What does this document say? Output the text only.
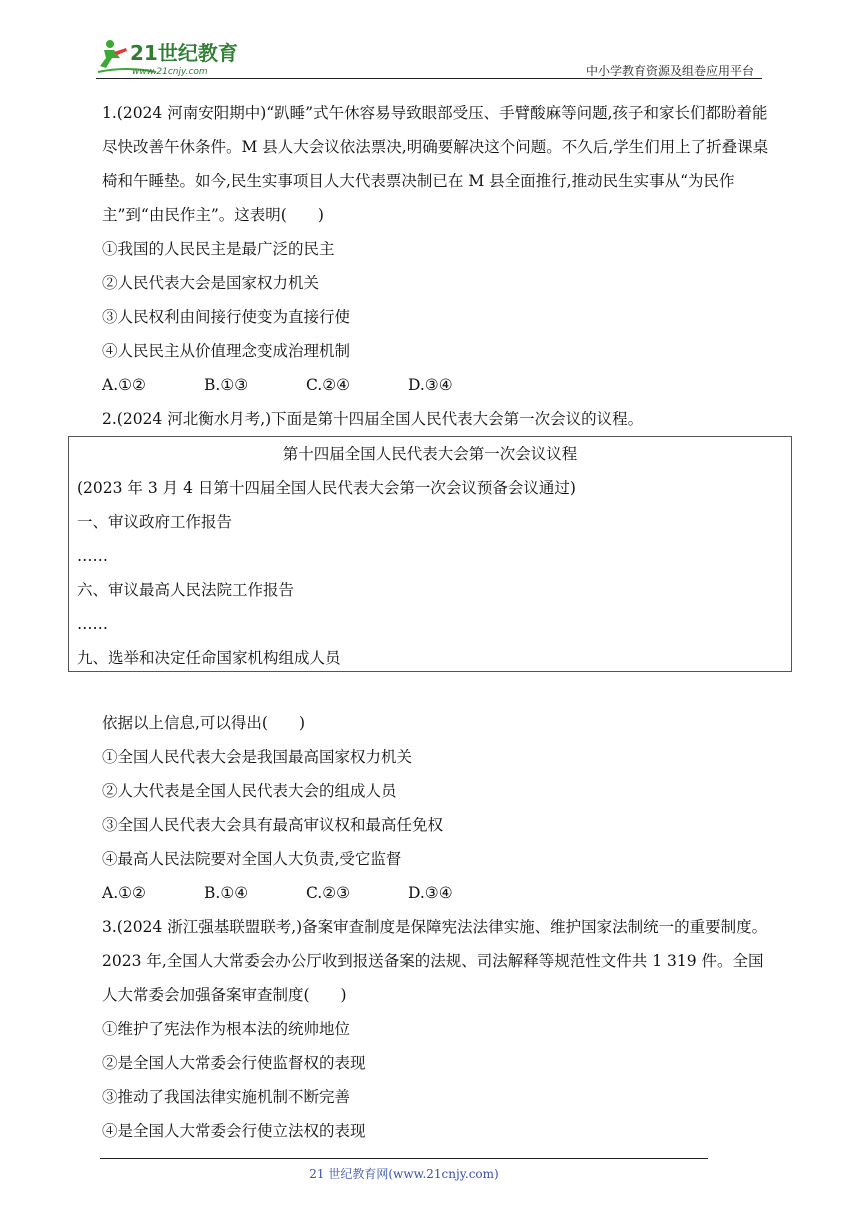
21世纪教育
www.21cnjy.com	中小学教育资源及组卷应用平台

1.(2024 河南安阳期中)“趴睡”式午休容易导致眼部受压、手臂酸麻等问题,孩子和家长们都盼着能尽快改善午休条件。M 县人大会议依法票决,明确要解决这个问题。不久后,学生们用上了折叠课桌椅和午睡垫。如今,民生实事项目人大代表票决制已在 M 县全面推行,推动民生实事从“为民作主”到“由民作主”。这表明(　　)

①我国的人民民主是最广泛的民主
②人民代表大会是国家权力机关
③人民权利由间接行使变为直接行使
④人民民主从价值理念变成治理机制
A.①②	B.①③	C.②④	D.③④
2.(2024 河北衡水月考,)下面是第十四届全国人民代表大会第一次会议的议程。
第十四届全国人民代表大会第一次会议议程
(2023 年 3 月 4 日第十四届全国人民代表大会第一次会议预备会议通过)
一、审议政府工作报告
……
六、审议最高人民法院工作报告
……
九、选举和决定任命国家机构组成人员
依据以上信息,可以得出(　　)
①全国人民代表大会是我国最高国家权力机关
②人大代表是全国人民代表大会的组成人员
③全国人民代表大会具有最高审议权和最高任免权
④最高人民法院要对全国人大负责,受它监督
A.①②	B.①④	C.②③	D.③④

3.(2024 浙江强基联盟联考,)备案审查制度是保障宪法法律实施、维护国家法制统一的重要制度。2023 年,全国人大常委会办公厅收到报送备案的法规、司法解释等规范性文件共 1 319 件。全国人大常委会加强备案审查制度(　　)

①维护了宪法作为根本法的统帅地位
②是全国人大常委会行使监督权的表现
③推动了我国法律实施机制不断完善
④是全国人大常委会行使立法权的表现
21 世纪教育网(www.21cnjy.com)
